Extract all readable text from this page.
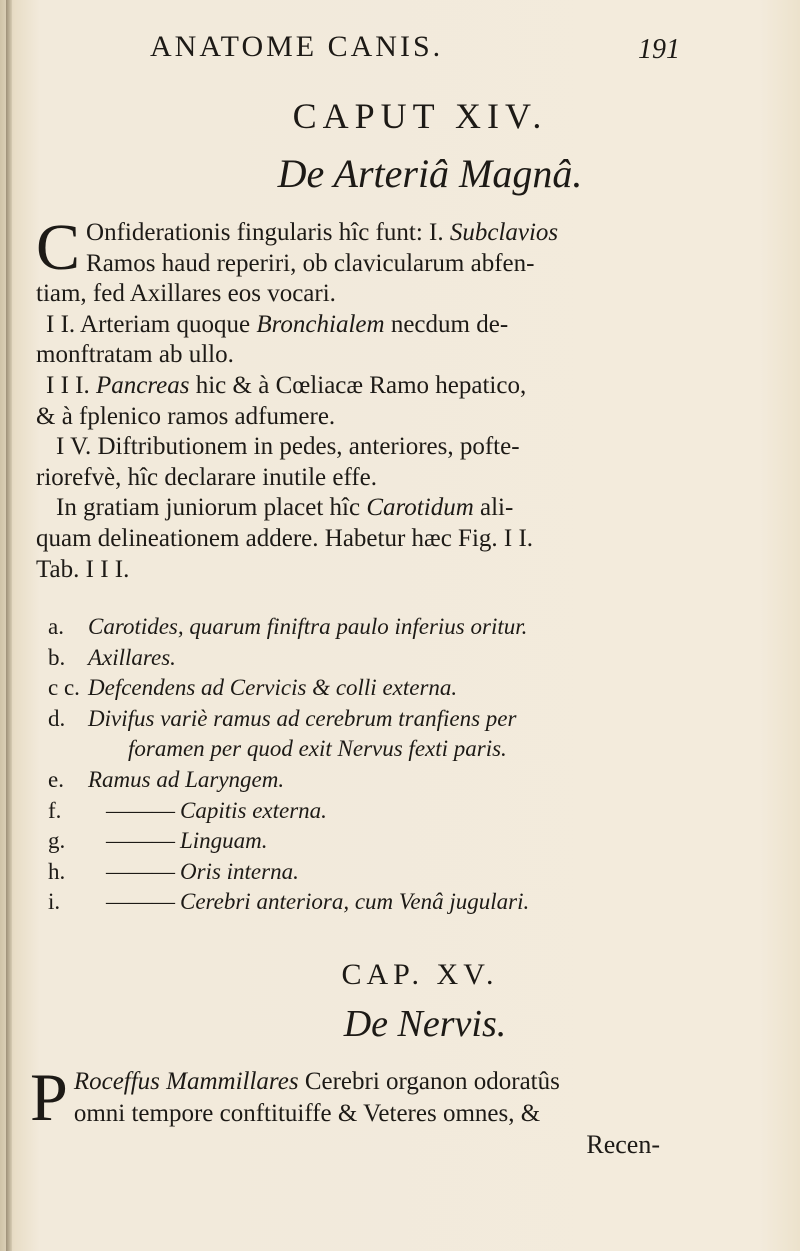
ANATOME CANIS.	191
CAPUT XIV.
De Arteriâ Magnâ.

C Onfiderationis fingularis hîc funt: I. Subclavios

Ramos haud reperiri, ob clavicularum abfen-

tiam, fed Axillares eos vocari.

I I. Arteriam quoque Bronchialem necdum de-

monftratam ab ullo.

I I I. Pancreas hic & à Cœliacæ Ramo hepatico,

& à fplenico ramos adfumere.

I V. Diftributionem in pedes, anteriores, pofte-

riorefvè, hîc declarare inutile effe.

In gratiam juniorum placet hîc Carotidum ali-

quam delineationem addere. Habetur hæc Fig. I I.

Tab. I I I.

a.	Carotides, quarum finiftra paulo inferius oritur.
b. Axillares.
c c. Defcendens ad Cervicis & colli externa.
d. Divifus variè ramus ad cerebrum tranfiens per
foramen per quod exit Nervus fexti paris.
e.	Ramus ad Laryngem.
f.	——— Capitis externa.
g.	——— Linguam.
h.	——— Oris interna.
i.	——— Cerebri anteriora, cum Venâ jugulari.
CAP. XV.
De Nervis.

P Roceffus Mammillares Cerebri organon odoratûs

omni tempore conftituiffe & Veteres omnes, &

Recen-
